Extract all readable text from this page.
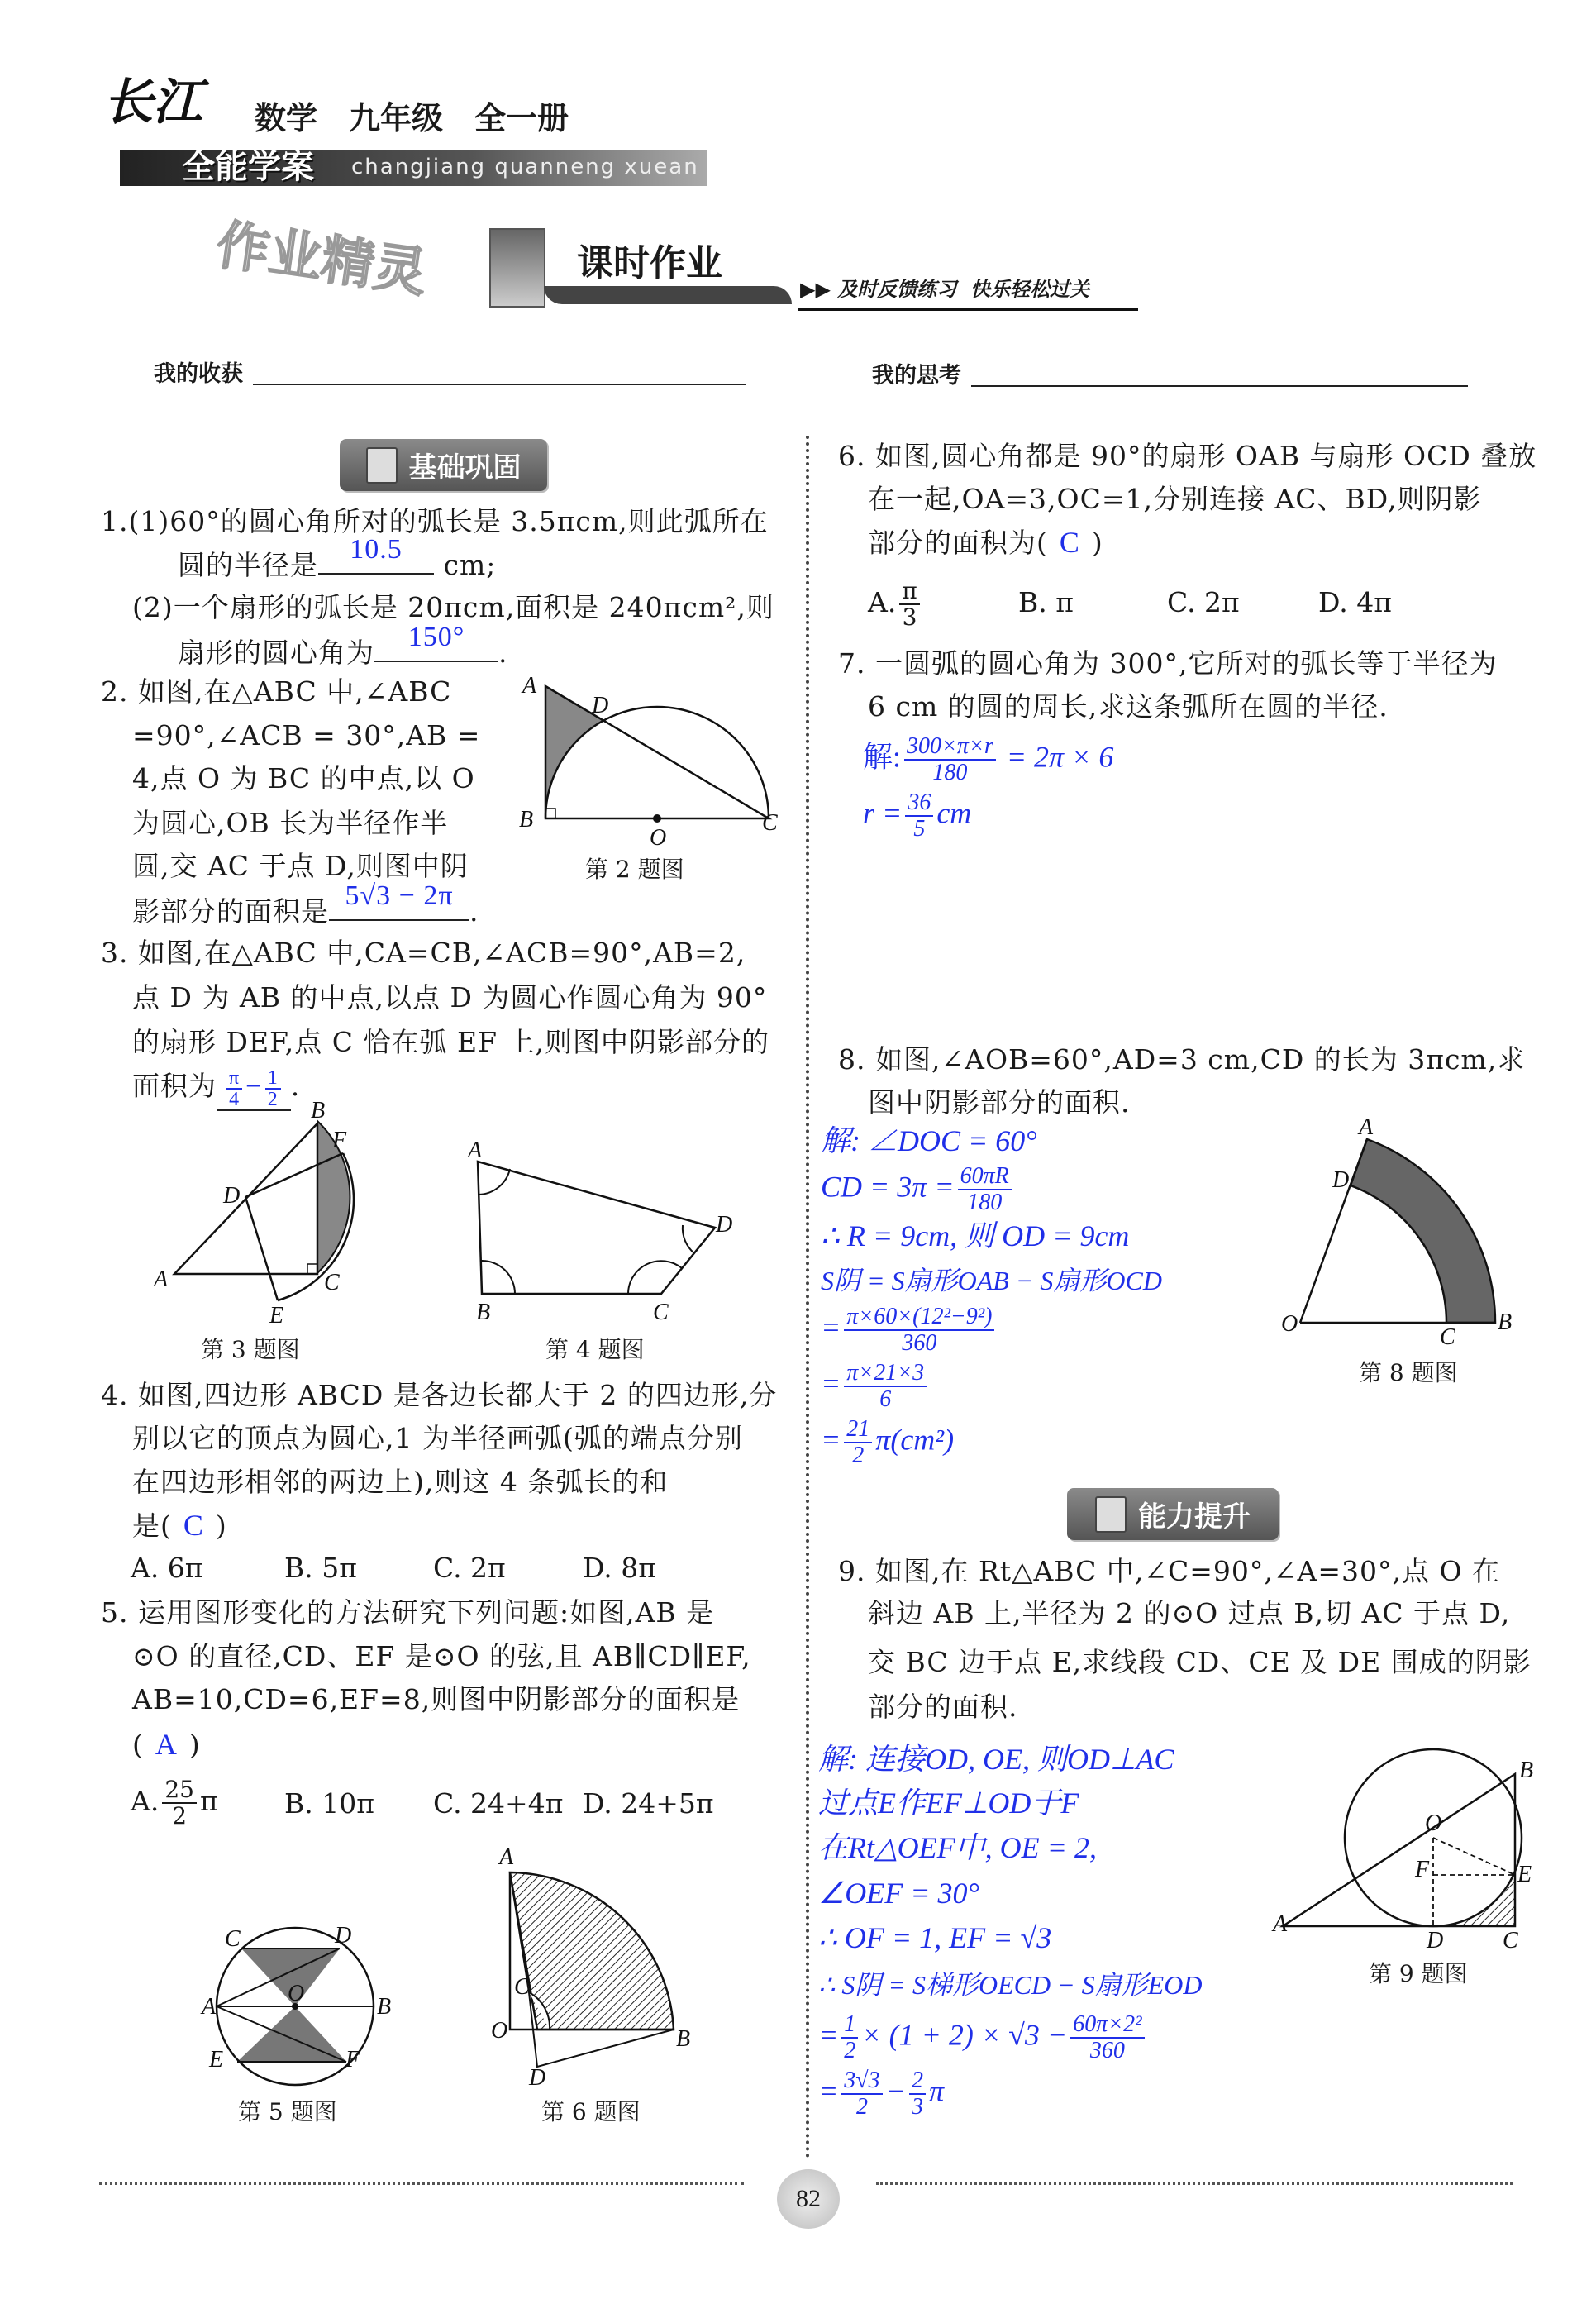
长江
全能学案 changjiang quanneng xuean
数学　九年级　全一册
作业精灵	课时作业
▶▶ 及时反馈练习  快乐轻松过关
我的收获	我的思考
基础巩固
1.(1)60°的圆心角所对的弧长是 3.5πcm,则此弧所在
圆的半径是	10.5	cm;
(2)一个扇形的弧长是 20πcm,面积是 240πcm²,则
扇形的圆心角为	150°	.
2. 如图,在△ABC 中,∠ABC
=90°,∠ACB = 30°,AB =
4,点 O 为 BC 的中点,以 O
为圆心,OB 长为半径作半
圆,交 AC 于点 D,则图中阴
影部分的面积是 5√3 − 2π .
A
D
B	C
O
第 2 题图
3. 如图,在△ABC 中,CA=CB,∠ACB=90°,AB=2,
点 D 为 AB 的中点,以点 D 为圆心作圆心角为 90°
的扇形 DEF,点 C 恰在弧 EF 上,则图中阴影部分的
面积为 $\frac{\pi}{4} - \frac{1}{2}$ .
A
B
C
D
E
F
第 3 题图
A
B	C
D
第 4 题图
4. 如图,四边形 ABCD 是各边长都大于 2 的四边形,分
别以它的顶点为圆心,1 为半径画弧(弧的端点分别
在四边形相邻的两边上),则这 4 条弧长的和
是( C )
A. 6π	B. 5π	C. 2π	D. 8π
5. 运用图形变化的方法研究下列问题:如图,AB 是
⊙O 的直径,CD、EF 是⊙O 的弦,且 AB∥CD∥EF,
AB=10,CD=6,EF=8,则图中阴影部分的面积是
( A )
A. $\frac{25}{2}$ π B. 10π C. 24+4π D. 24+5π
A	B
C	D
E	F
O
第 5 题图
A
B
C
D
O
第 6 题图
6. 如图,圆心角都是 90°的扇形 OAB 与扇形 OCD 叠放
在一起,OA=3,OC=1,分别连接 AC、BD,则阴影
部分的面积为( C )
A. $\frac{\pi}{3}$	B. π	C. 2π	D. 4π
7. 一圆弧的圆心角为 300°,它所对的弧长等于半径为
6 cm 的圆的周长,求这条弧所在圆的半径.
解: $\frac{300\times\pi\times r}{180} = 2\pi \times 6$
$r = \frac{36}{5}$ cm
8. 如图,∠AOB=60°,AD=3 cm,CD 的长为 3πcm,求
图中阴影部分的面积.
解: ∠DOC = 60°
CD = $3\pi = \frac{60\pi R}{180}$
∴ R = 9cm, 则 OD = 9cm
S阴 = S扇形OAB − S扇形OCD
= $\frac{\text{π×60×(12²−9²)}}{360}$
= $\frac{\pi\times 21\times 3}{6}$
= $\frac{21}{2} \pi(cm^2)$
A
B
C
D
O
第 8 题图
能力提升
9. 如图,在 Rt△ABC 中,∠C=90°,∠A=30°,点 O 在
斜边 AB 上,半径为 2 的⊙O 过点 B,切 AC 于点 D,
交 BC 边于点 E,求线段 CD、CE 及 DE 围成的阴影
部分的面积.
解: 连接OD, OE, 则OD⊥AC
过点E作EF⊥OD于F
在Rt△OEF中, OE = 2,
∠OEF = 30°
∴ OF = 1, EF = √3
∴ S阴 = S梯形OECD − S扇形EOD
= $\frac{1}{2} \times (1 + 2) \times √3 - \frac{\text{60π×2²}}{360}$
= $\frac{3√3}{2} - \frac{2}{3}$ π
B
O
F	E
A
D	C
第 9 题图
82
